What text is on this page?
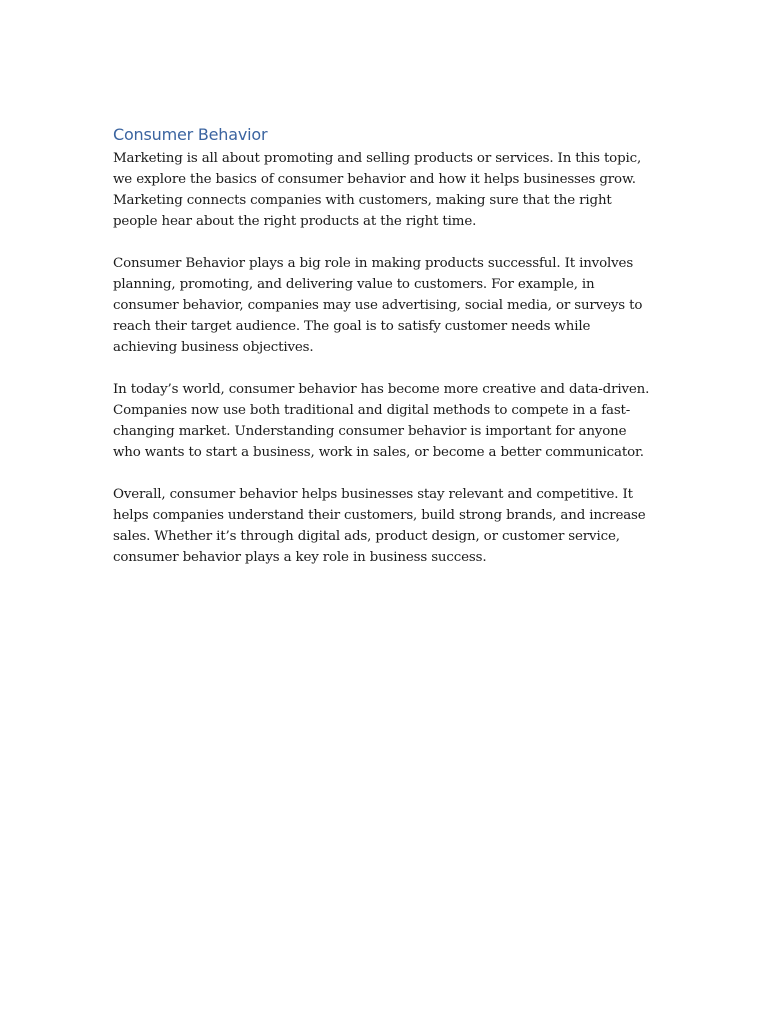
Consumer Behavior

Marketing is all about promoting and selling products or services. In this topic, we explore the basics of consumer behavior and how it helps businesses grow. Marketing connects companies with customers, making sure that the right people hear about the right products at the right time.

Consumer Behavior plays a big role in making products successful. It involves planning, promoting, and delivering value to customers. For example, in consumer behavior, companies may use advertising, social media, or surveys to reach their target audience. The goal is to satisfy customer needs while achieving business objectives.

In today’s world, consumer behavior has become more creative and data-driven. Companies now use both traditional and digital methods to compete in a fast-changing market. Understanding consumer behavior is important for anyone who wants to start a business, work in sales, or become a better communicator.

Overall, consumer behavior helps businesses stay relevant and competitive. It helps companies understand their customers, build strong brands, and increase sales. Whether it’s through digital ads, product design, or customer service, consumer behavior plays a key role in business success.
